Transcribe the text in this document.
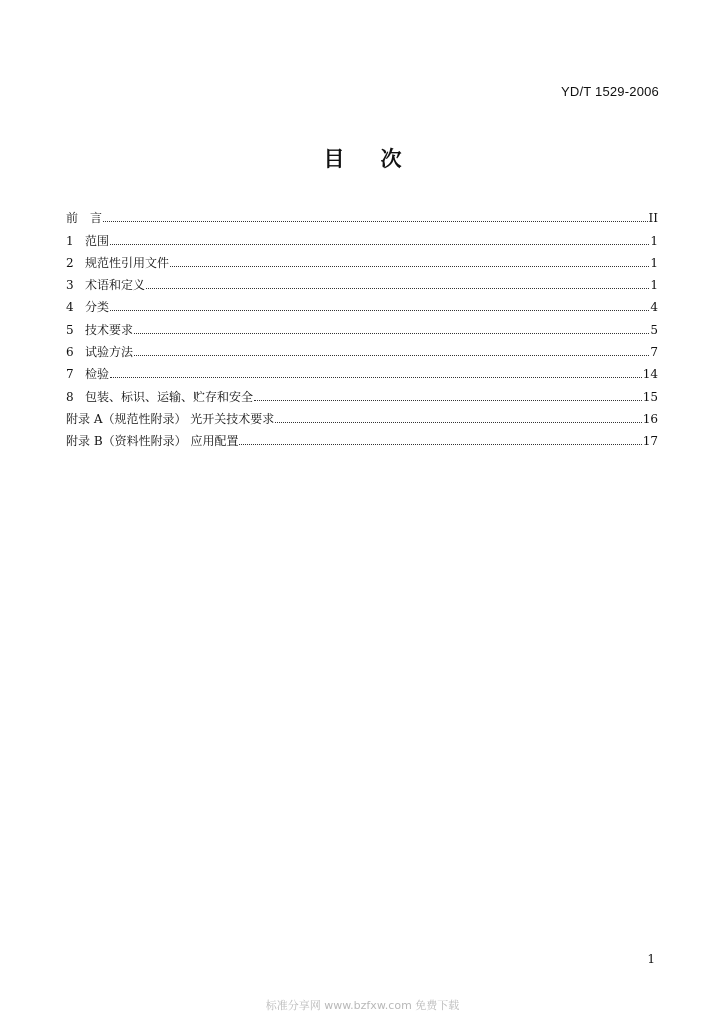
YD/T 1529-2006
目 次
前　言	II
1 范围	1
2 规范性引用文件	1
3 术语和定义	1
4 分类	4
5 技术要求	5
6 试验方法	7
7 检验	14
8 包装、标识、运输、贮存和安全	15
附录 A（规范性附录） 光开关技术要求	16
附录 B（资料性附录） 应用配置	17
1
标准分享网 www.bzfxw.com 免费下载
